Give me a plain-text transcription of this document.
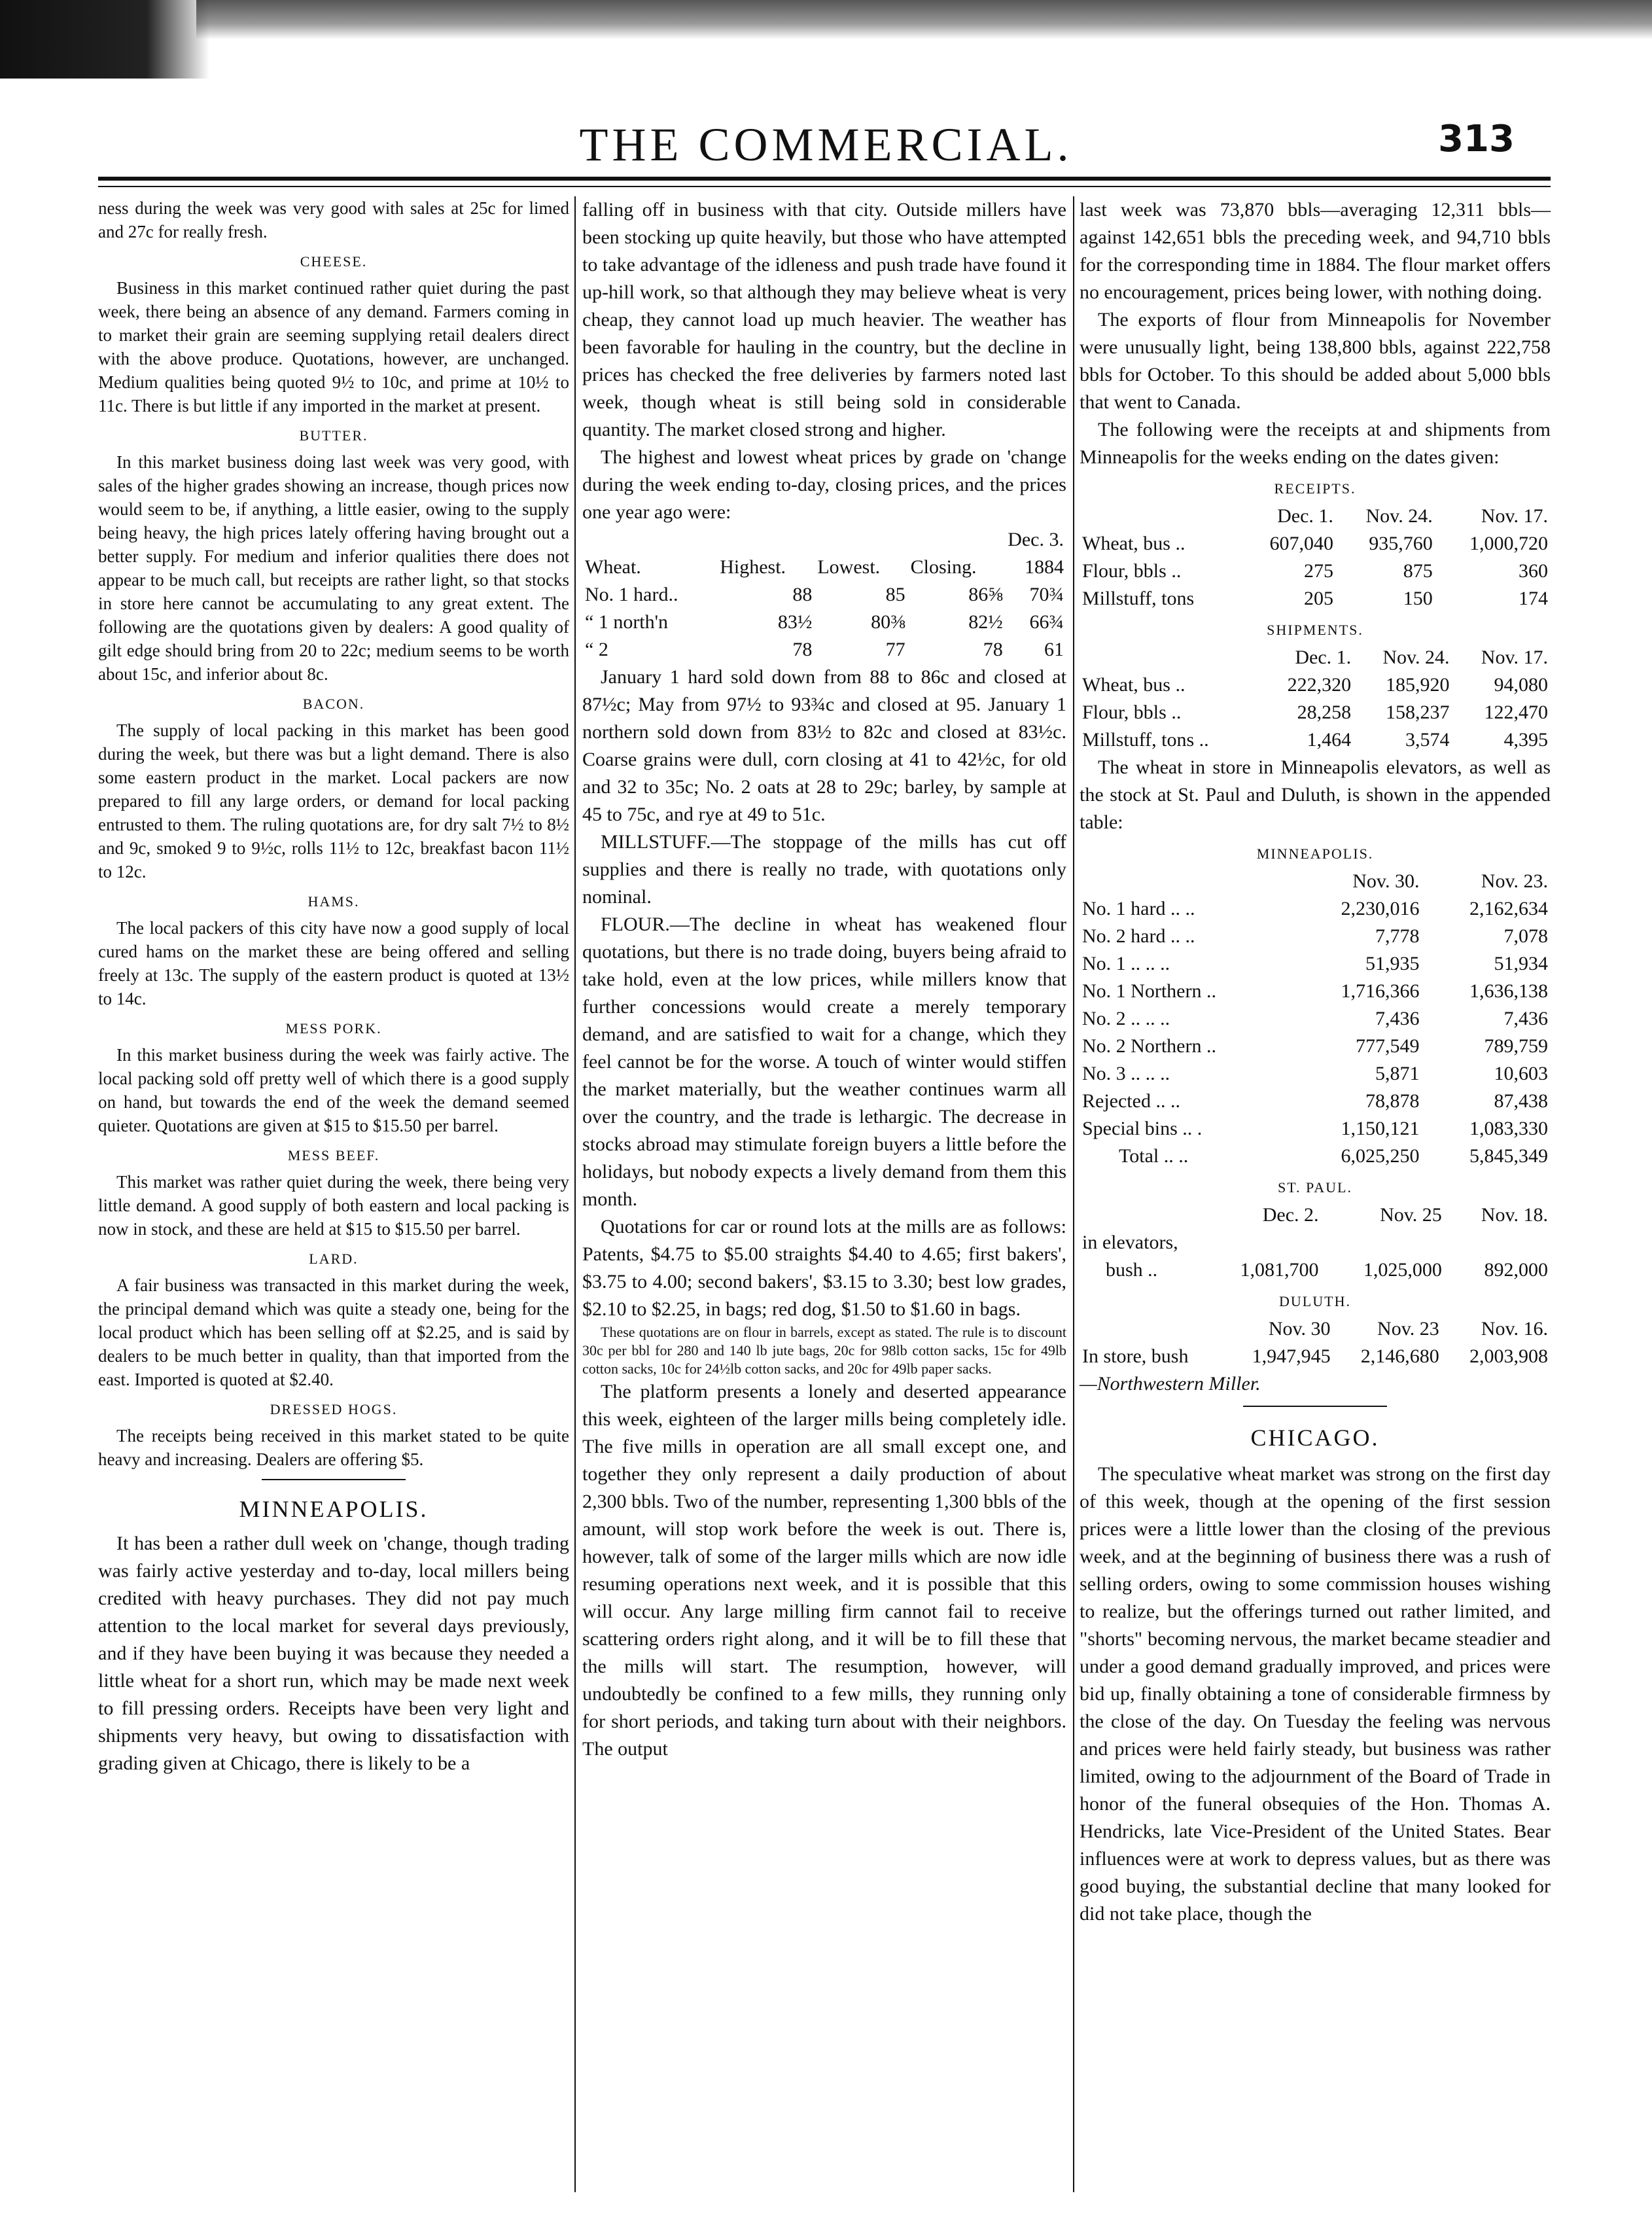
THE COMMERCIAL.	313

ness during the week was very good with sales at 25c for limed and 27c for really fresh.

CHEESE.

Business in this market continued rather quiet during the past week, there being an absence of any demand. Farmers coming in to market their grain are seeming supplying retail dealers direct with the above produce. Quotations, however, are unchanged. Medium qualities being quoted 9½ to 10c, and prime at 10½ to 11c. There is but little if any imported in the market at present.

BUTTER.

In this market business doing last week was very good, with sales of the higher grades showing an increase, though prices now would seem to be, if anything, a little easier, owing to the supply being heavy, the high prices lately offering having brought out a better supply. For medium and inferior qualities there does not appear to be much call, but receipts are rather light, so that stocks in store here cannot be accumulating to any great extent. The following are the quotations given by dealers: A good quality of gilt edge should bring from 20 to 22c; medium seems to be worth about 15c, and inferior about 8c.

BACON.

The supply of local packing in this market has been good during the week, but there was but a light demand. There is also some eastern product in the market. Local packers are now prepared to fill any large orders, or demand for local packing entrusted to them. The ruling quotations are, for dry salt 7½ to 8½ and 9c, smoked 9 to 9½c, rolls 11½ to 12c, breakfast bacon 11½ to 12c.

HAMS.

The local packers of this city have now a good supply of local cured hams on the market these are being offered and selling freely at 13c. The supply of the eastern product is quoted at 13½ to 14c.

MESS PORK.

In this market business during the week was fairly active. The local packing sold off pretty well of which there is a good supply on hand, but towards the end of the week the demand seemed quieter. Quotations are given at $15 to $15.50 per barrel.

MESS BEEF.

This market was rather quiet during the week, there being very little demand. A good supply of both eastern and local packing is now in stock, and these are held at $15 to $15.50 per barrel.

LARD.

A fair business was transacted in this market during the week, the principal demand which was quite a steady one, being for the local product which has been selling off at $2.25, and is said by dealers to be much better in quality, than that imported from the east. Imported is quoted at $2.40.

DRESSED HOGS.

The receipts being received in this market stated to be quite heavy and increasing. Dealers are offering $5.

MINNEAPOLIS.

It has been a rather dull week on 'change, though trading was fairly active yesterday and to-day, local millers being credited with heavy purchases. They did not pay much attention to the local market for several days previously, and if they have been buying it was because they needed a little wheat for a short run, which may be made next week to fill pressing orders. Receipts have been very light and shipments very heavy, but owing to dissatisfaction with grading given at Chicago, there is likely to be a

falling off in business with that city. Outside millers have been stocking up quite heavily, but those who have attempted to take advantage of the idleness and push trade have found it up-hill work, so that although they may believe wheat is very cheap, they cannot load up much heavier. The weather has been favorable for hauling in the country, but the decline in prices has checked the free deliveries by farmers noted last week, though wheat is still being sold in considerable quantity. The market closed strong and higher.

The highest and lowest wheat prices by grade on 'change during the week ending to-day, closing prices, and the prices one year ago were:

Dec. 3.				
Wheat.	Highest.	Lowest.	Closing.	1884
No. 1 hard..	88	85	86⅝	70¾
“ 1 north'n	83½	80⅜	82½	66¾
“ 2	78	77	78	61

January 1 hard sold down from 88 to 86c and closed at 87½c; May from 97½ to 93¾c and closed at 95. January 1 northern sold down from 83½ to 82c and closed at 83½c. Coarse grains were dull, corn closing at 41 to 42½c, for old and 32 to 35c; No. 2 oats at 28 to 29c; barley, by sample at 45 to 75c, and rye at 49 to 51c.

MILLSTUFF.—The stoppage of the mills has cut off supplies and there is really no trade, with quotations only nominal.

FLOUR.—The decline in wheat has weakened flour quotations, but there is no trade doing, buyers being afraid to take hold, even at the low prices, while millers know that further concessions would create a merely temporary demand, and are satisfied to wait for a change, which they feel cannot be for the worse. A touch of winter would stiffen the market materially, but the weather continues warm all over the country, and the trade is lethargic. The decrease in stocks abroad may stimulate foreign buyers a little before the holidays, but nobody expects a lively demand from them this month.

Quotations for car or round lots at the mills are as follows: Patents, $4.75 to $5.00 straights $4.40 to 4.65; first bakers', $3.75 to 4.00; second bakers', $3.15 to 3.30; best low grades, $2.10 to $2.25, in bags; red dog, $1.50 to $1.60 in bags.

These quotations are on flour in barrels, except as stated. The rule is to discount 30c per bbl for 280 and 140 lb jute bags, 20c for 98lb cotton sacks, 15c for 49lb cotton sacks, 10c for 24½lb cotton sacks, and 20c for 49lb paper sacks.

The platform presents a lonely and deserted appearance this week, eighteen of the larger mills being completely idle. The five mills in operation are all small except one, and together they only represent a daily production of about 2,300 bbls. Two of the number, representing 1,300 bbls of the amount, will stop work before the week is out. There is, however, talk of some of the larger mills which are now idle resuming operations next week, and it is possible that this will occur. Any large milling firm cannot fail to receive scattering orders right along, and it will be to fill these that the mills will start. The resumption, however, will undoubtedly be confined to a few mills, they running only for short periods, and taking turn about with their neighbors. The output

last week was 73,870 bbls—averaging 12,311 bbls—against 142,651 bbls the preceding week, and 94,710 bbls for the corresponding time in 1884. The flour market offers no encouragement, prices being lower, with nothing doing.

The exports of flour from Minneapolis for November were unusually light, being 138,800 bbls, against 222,758 bbls for October. To this should be added about 5,000 bbls that went to Canada.

The following were the receipts at and shipments from Minneapolis for the weeks ending on the dates given:

RECEIPTS.
	Dec. 1.	Nov. 24.	Nov. 17.
Wheat, bus ..	607,040	935,760	1,000,720
Flour, bbls ..	275	875	360
Millstuff, tons	205	150	174
SHIPMENTS.
	Dec. 1.	Nov. 24.	Nov. 17.
Wheat, bus ..	222,320	185,920	94,080
Flour, bbls ..	28,258	158,237	122,470
Millstuff, tons ..	1,464	3,574	4,395

The wheat in store in Minneapolis elevators, as well as the stock at St. Paul and Duluth, is shown in the appended table:

MINNEAPOLIS.
	Nov. 30.	Nov. 23.
No. 1 hard .. ..	2,230,016	2,162,634
No. 2 hard .. ..	7,778	7,078
No. 1 .. .. ..	51,935	51,934
No. 1 Northern ..	1,716,366	1,636,138
No. 2 .. .. ..	7,436	7,436
No. 2 Northern ..	777,549	789,759
No. 3 .. .. ..	5,871	10,603
Rejected .. ..	78,878	87,438
Special bins .. .	1,150,121	1,083,330
Total .. ..	6,025,250	5,845,349
ST. PAUL.
	Dec. 2.	Nov. 25	Nov. 18.
in elevators,			
bush ..	1,081,700	1,025,000	892,000
DULUTH.
	Nov. 30	Nov. 23	Nov. 16.
In store, bush	1,947,945	2,146,680	2,003,908

—Northwestern Miller.

CHICAGO.

The speculative wheat market was strong on the first day of this week, though at the opening of the first session prices were a little lower than the closing of the previous week, and at the beginning of business there was a rush of selling orders, owing to some commission houses wishing to realize, but the offerings turned out rather limited, and "shorts" becoming nervous, the market became steadier and under a good demand gradually improved, and prices were bid up, finally obtaining a tone of considerable firmness by the close of the day. On Tuesday the feeling was nervous and prices were held fairly steady, but business was rather limited, owing to the adjournment of the Board of Trade in honor of the funeral obsequies of the Hon. Thomas A. Hendricks, late Vice-President of the United States. Bear influences were at work to depress values, but as there was good buying, the substantial decline that many looked for did not take place, though the
